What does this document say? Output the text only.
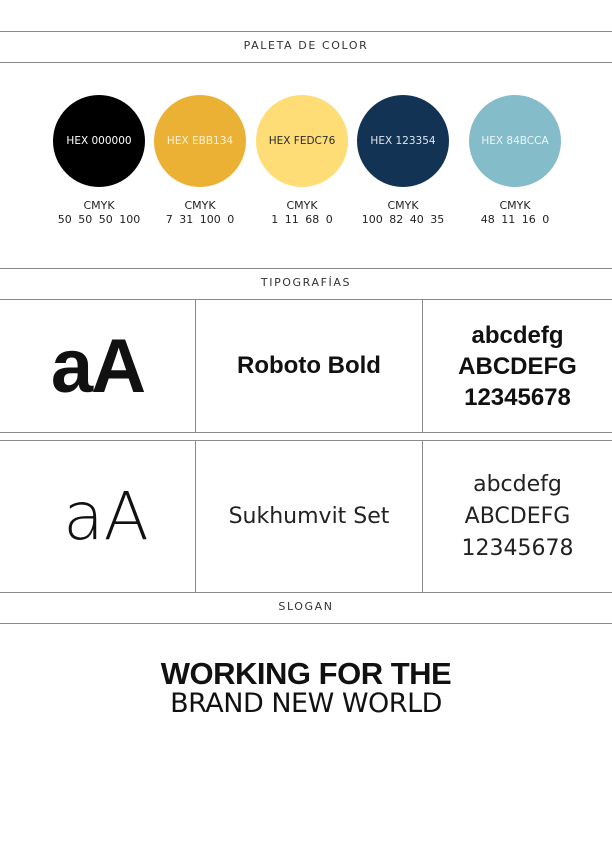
PALETA DE COLOR
TIPOGRAFÍAS
SLOGAN
HEX 000000
CMYK
50 50 50 100
HEX EBB134
CMYK
7 31 100 0
HEX FEDC76
CMYK
1 11 68 0
HEX 123354
CMYK
100 82 40 35
HEX 84BCCA
CMYK
48 11 16 0
aA	Roboto Bold
abcdefg
ABCDEFG
12345678
aA	Sukhumvit Set
abcdefg
ABCDEFG
12345678
WORKING FOR THE
BRAND NEW WORLD
